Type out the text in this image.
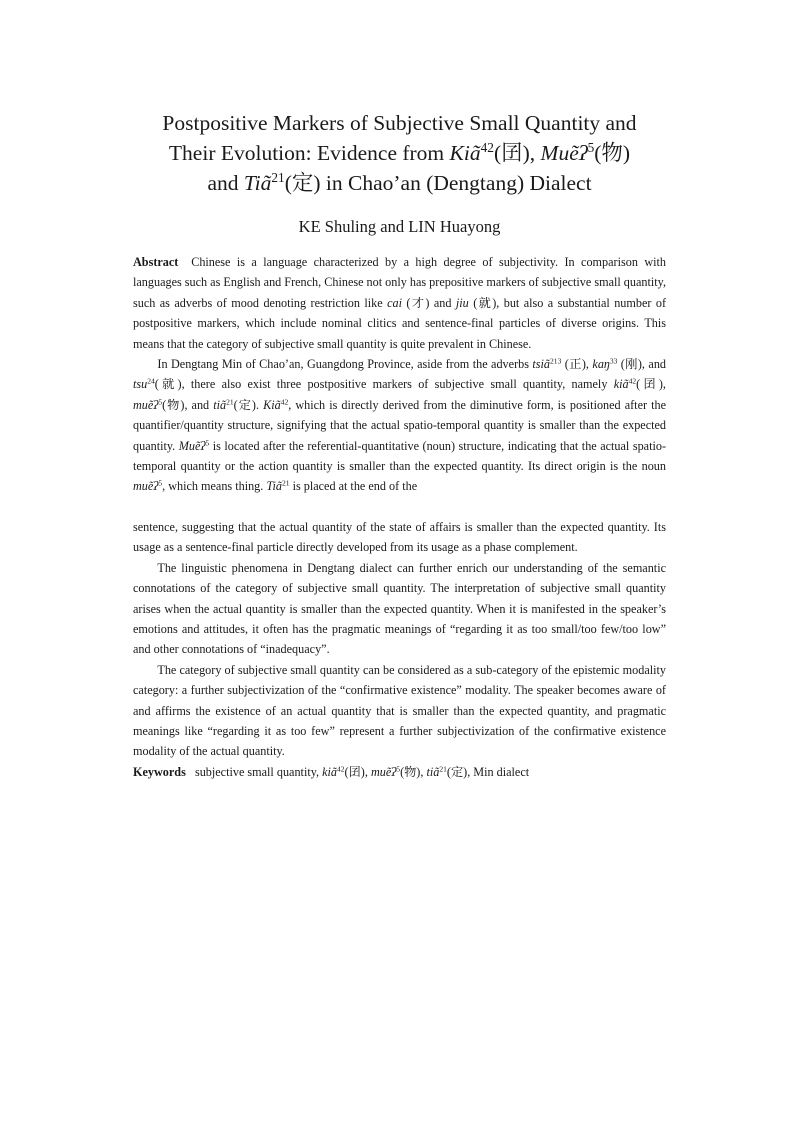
Postpositive Markers of Subjective Small Quantity and
Their Evolution: Evidence from Kiã$^{42}$(囝), Muẽʔ$^5$(物)
and Tiã$^{21}$(定) in Chao’an (Dengtang) Dialect
KE Shuling and LIN Huayong

Abstract Chinese is a language characterized by a high degree of subjectivity. In comparison with languages such as English and French, Chinese not only has prepositive markers of subjective small quantity, such as adverbs of mood denoting restriction like cai (才) and jiu (就), but also a substantial number of postpositive markers, which include nominal clitics and sentence-final particles of diverse origins. This means that the category of subjective small quantity is quite prevalent in Chinese.

In Dengtang Min of Chao’an, Guangdong Province, aside from the adverbs tsiã$^{213}$ (正), kaŋ$^{33}$ (刚), and tsu$^{24}$(就), there also exist three postpositive markers of subjective small quantity, namely kiã$^{42}$(囝), muẽʔ$^5$(物), and tiã$^{21}$(定). Kiã$^{42}$, which is directly derived from the diminutive form, is positioned after the quantifier/quantity structure, signifying that the actual spatio-temporal quantity is smaller than the expected quantity. Muẽʔ$^5$ is located after the referential-quantitative (noun) structure, indicating that the actual spatio-temporal quantity or the action quantity is smaller than the expected quantity. Its direct origin is the noun muẽʔ$^5$, which means thing. Tiã$^{21}$ is placed at the end of the

sentence, suggesting that the actual quantity of the state of affairs is smaller than the expected quantity. Its usage as a sentence-final particle directly developed from its usage as a phase complement.

The linguistic phenomena in Dengtang dialect can further enrich our understanding of the semantic connotations of the category of subjective small quantity. The interpretation of subjective small quantity arises when the actual quantity is smaller than the expected quantity. When it is manifested in the speaker’s emotions and attitudes, it often has the pragmatic meanings of “regarding it as too small/too few/too low” and other connotations of “inadequacy”.

The category of subjective small quantity can be considered as a sub-category of the epistemic modality category: a further subjectivization of the “confirmative existence” modality. The speaker becomes aware of and affirms the existence of an actual quantity that is smaller than the expected quantity, and pragmatic meanings like “regarding it as too few” represent a further subjectivization of the confirmative existence modality of the actual quantity.

Keywords subjective small quantity, kiã$^{42}$(囝), muẽʔ$^5$(物), tiã$^{21}$(定), Min dialect
